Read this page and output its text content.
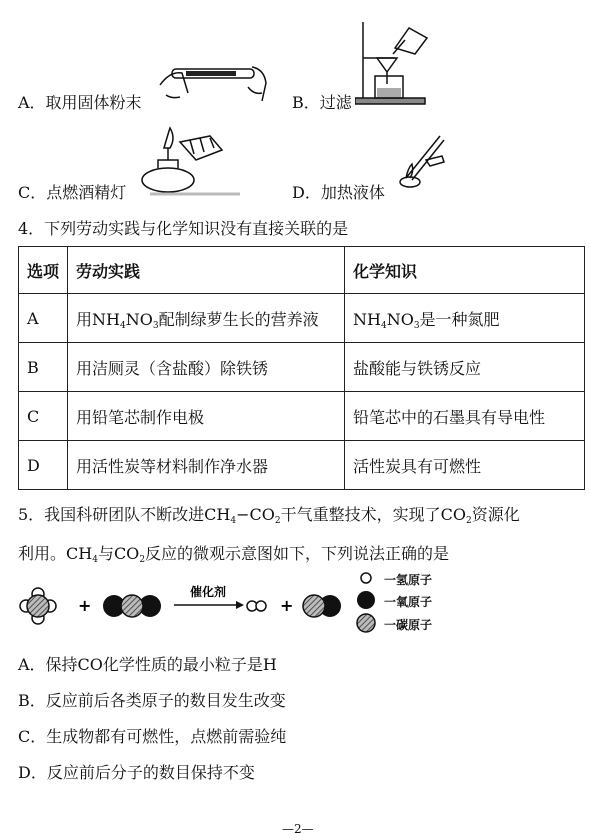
A．取用固体粉末	B．过滤
C．点燃酒精灯	D．加热液体
4．下列劳动实践与化学知识没有直接关联的是
选项	劳动实践	化学知识
A	用$NH_4NO_3$配制绿萝生长的营养液	$NH_4NO_3$是一种氮肥
B	用洁厕灵（含盐酸）除铁锈	盐酸能与铁锈反应
C	用铅笔芯制作电极	铅笔芯中的石墨具有导电性
D	用活性炭等材料制作净水器	活性炭具有可燃性
5．我国科研团队不断改进$CH_4-CO_2$干气重整技术，实现了$CO_2$资源化
利用。$CH_4$与$CO_2$反应的微观示意图如下，下列说法正确的是
+
催化剂
+
一氢原子
一氧原子
一碳原子
A．保持CO化学性质的最小粒子是H
B．反应前后各类原子的数目发生改变
C．生成物都有可燃性，点燃前需验纯
D．反应前后分子的数目保持不变
—2—
